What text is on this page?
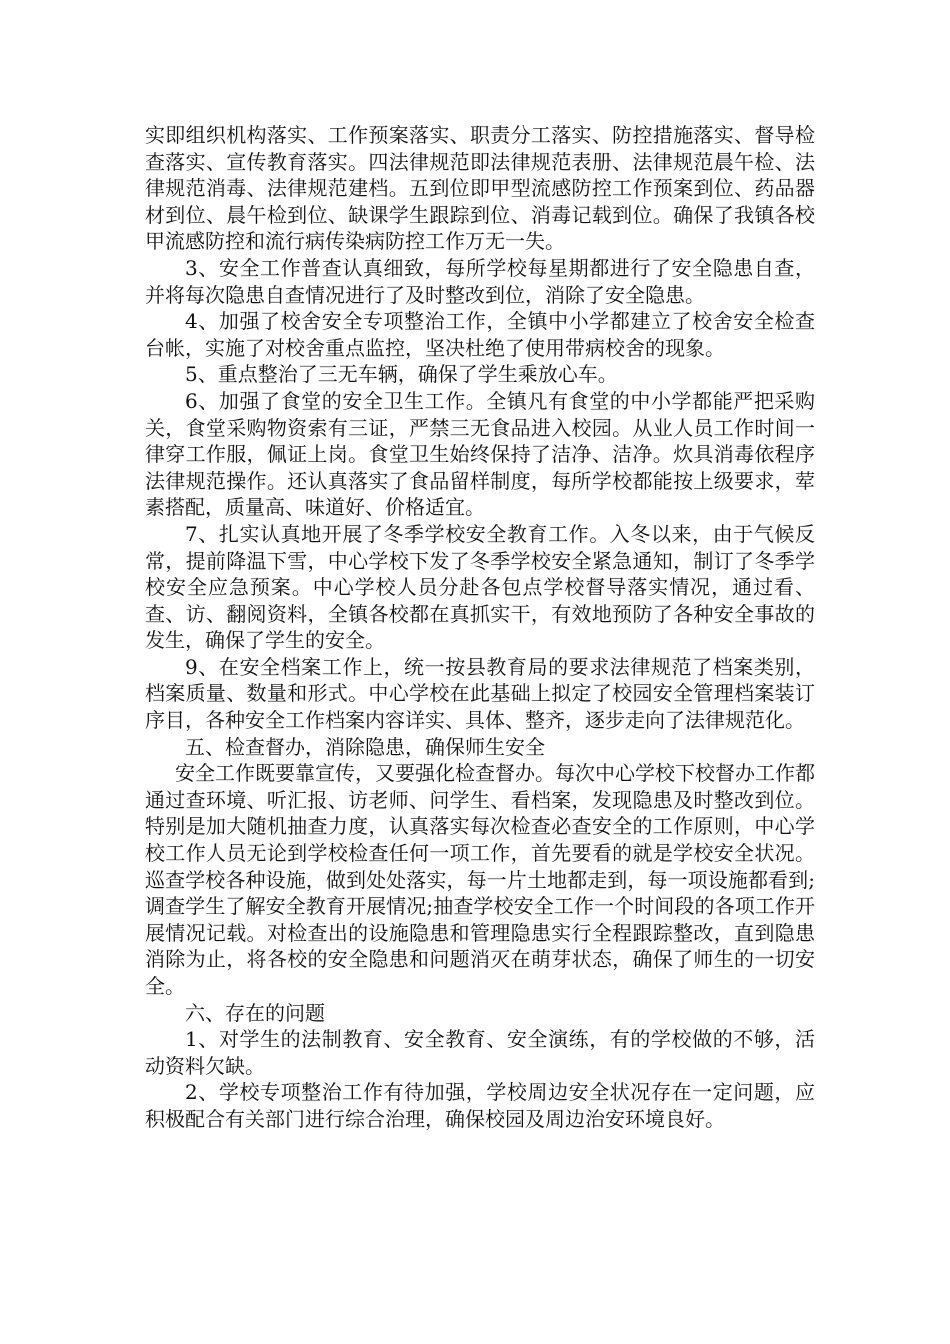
实即组织机构落实、工作预案落实、职责分工落实、防控措施落实、督导检查落实、宣传教育落实。四法律规范即法律规范表册、法律规范晨午检、法律规范消毒、法律规范建档。五到位即甲型流感防控工作预案到位、药品器材到位、晨午检到位、缺课学生跟踪到位、消毒记载到位。确保了我镇各校甲流感防控和流行病传染病防控工作万无一失。

3、安全工作普查认真细致，每所学校每星期都进行了安全隐患自查，并将每次隐患自查情况进行了及时整改到位，消除了安全隐患。

4、加强了校舍安全专项整治工作，全镇中小学都建立了校舍安全检查台帐，实施了对校舍重点监控，坚决杜绝了使用带病校舍的现象。

5、重点整治了三无车辆，确保了学生乘放心车。

6、加强了食堂的安全卫生工作。全镇凡有食堂的中小学都能严把采购关，食堂采购物资索有三证，严禁三无食品进入校园。从业人员工作时间一律穿工作服，佩证上岗。食堂卫生始终保持了洁净、洁净。炊具消毒依程序法律规范操作。还认真落实了食品留样制度，每所学校都能按上级要求，荤素搭配，质量高、味道好、价格适宜。

7、扎实认真地开展了冬季学校安全教育工作。入冬以来，由于气候反常，提前降温下雪，中心学校下发了冬季学校安全紧急通知，制订了冬季学校安全应急预案。中心学校人员分赴各包点学校督导落实情况，通过看、查、访、翻阅资料，全镇各校都在真抓实干，有效地预防了各种安全事故的发生，确保了学生的安全。

9、在安全档案工作上，统一按县教育局的要求法律规范了档案类别，档案质量、数量和形式。中心学校在此基础上拟定了校园安全管理档案装订序目，各种安全工作档案内容详实、具体、整齐，逐步走向了法律规范化。

五、检查督办，消除隐患，确保师生安全

安全工作既要靠宣传，又要强化检查督办。每次中心学校下校督办工作都通过查环境、听汇报、访老师、问学生、看档案，发现隐患及时整改到位。特别是加大随机抽查力度，认真落实每次检查必查安全的工作原则，中心学校工作人员无论到学校检查任何一项工作，首先要看的就是学校安全状况。巡查学校各种设施，做到处处落实，每一片土地都走到，每一项设施都看到;调查学生了解安全教育开展情况;抽查学校安全工作一个时间段的各项工作开展情况记载。对检查出的设施隐患和管理隐患实行全程跟踪整改，直到隐患消除为止，将各校的安全隐患和问题消灭在萌芽状态，确保了师生的一切安全。

六、存在的问题

1、对学生的法制教育、安全教育、安全演练，有的学校做的不够，活动资料欠缺。

2、学校专项整治工作有待加强，学校周边安全状况存在一定问题，应积极配合有关部门进行综合治理，确保校园及周边治安环境良好。
